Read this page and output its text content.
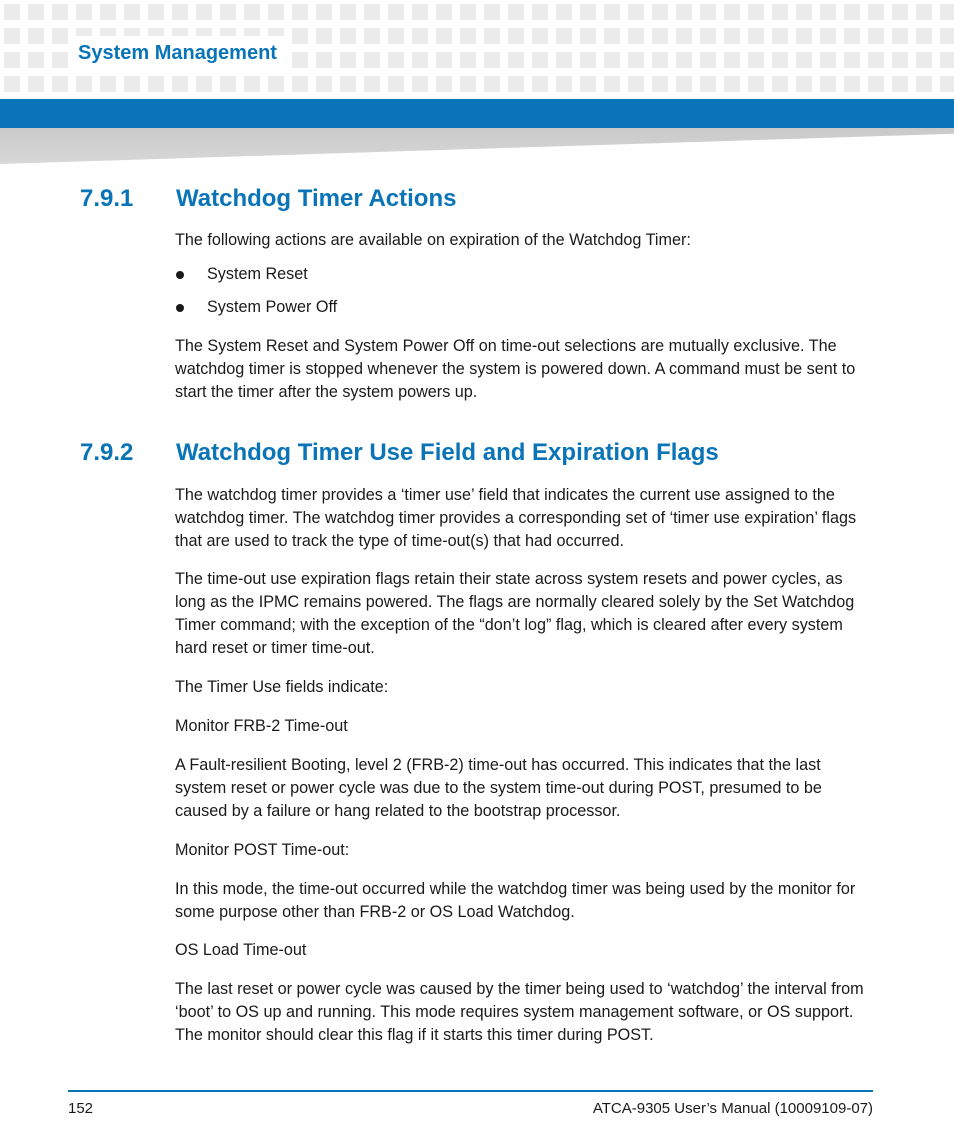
System Management
7.9.1 Watchdog Timer Actions

The following actions are available on expiration of the Watchdog Timer:

System Reset
System Power Off

The System Reset and System Power Off on time-out selections are mutually exclusive. The watchdog timer is stopped whenever the system is powered down. A command must be sent to start the timer after the system powers up.

7.9.2 Watchdog Timer Use Field and Expiration Flags

The watchdog timer provides a ‘timer use’ field that indicates the current use assigned to the watchdog timer. The watchdog timer provides a corresponding set of ‘timer use expiration’ flags that are used to track the type of time-out(s) that had occurred.

The time-out use expiration flags retain their state across system resets and power cycles, as long as the IPMC remains powered. The flags are normally cleared solely by the Set Watchdog Timer command; with the exception of the “don’t log” flag, which is cleared after every system hard reset or timer time-out.

The Timer Use fields indicate:

Monitor FRB-2 Time-out

A Fault-resilient Booting, level 2 (FRB-2) time-out has occurred. This indicates that the last system reset or power cycle was due to the system time-out during POST, presumed to be caused by a failure or hang related to the bootstrap processor.

Monitor POST Time-out:

In this mode, the time-out occurred while the watchdog timer was being used by the monitor for some purpose other than FRB-2 or OS Load Watchdog.

OS Load Time-out

The last reset or power cycle was caused by the timer being used to ‘watchdog’ the interval from ‘boot’ to OS up and running. This mode requires system management software, or OS support. The monitor should clear this flag if it starts this timer during POST.

152	ATCA-9305 User’s Manual (10009109-07)
